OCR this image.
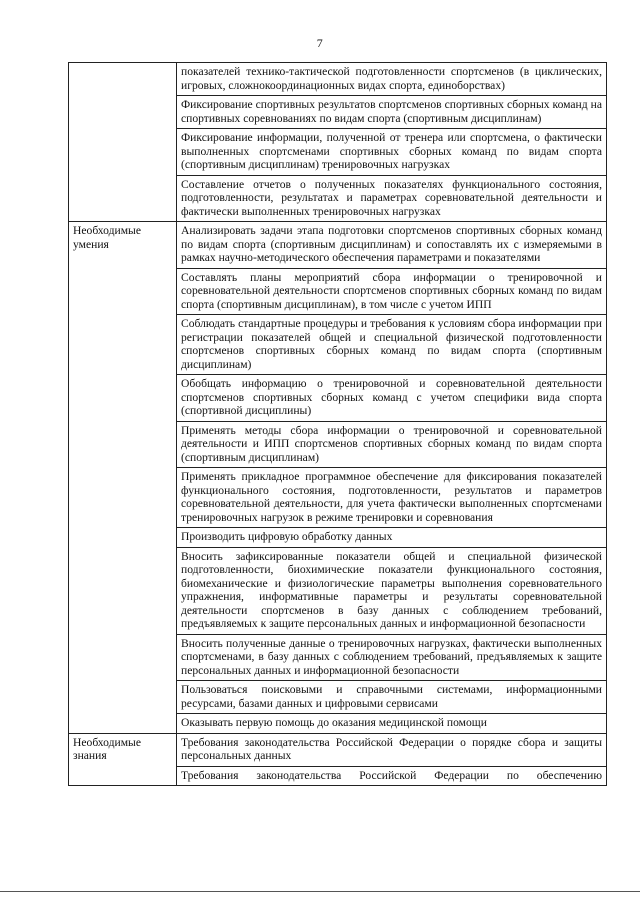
7
	показателей технико-тактической подготовленности спортсменов (в циклических, игровых, сложнокоординационных видах спорта, единоборствах)
	Фиксирование спортивных результатов спортсменов спортивных сборных команд на спортивных соревнованиях по видам спорта (спортивным дисциплинам)
	Фиксирование информации, полученной от тренера или спортсмена, о фактически выполненных спортсменами спортивных сборных команд по видам спорта (спортивным дисциплинам) тренировочных нагрузках
	Составление отчетов о полученных показателях функционального состояния, подготовленности, результатах и параметрах соревновательной деятельности и фактически выполненных тренировочных нагрузках
Необходимые умения	Анализировать задачи этапа подготовки спортсменов спортивных сборных команд по видам спорта (спортивным дисциплинам) и сопоставлять их с измеряемыми в рамках научно-методического обеспечения параметрами и показателями
	Составлять планы мероприятий сбора информации о тренировочной и соревновательной деятельности спортсменов спортивных сборных команд по видам спорта (спортивным дисциплинам), в том числе с учетом ИПП
	Соблюдать стандартные процедуры и требования к условиям сбора информации при регистрации показателей общей и специальной физической подготовленности спортсменов спортивных сборных команд по видам спорта (спортивным дисциплинам)
	Обобщать информацию о тренировочной и соревновательной деятельности спортсменов спортивных сборных команд с учетом специфики вида спорта (спортивной дисциплины)
	Применять методы сбора информации о тренировочной и соревновательной деятельности и ИПП спортсменов спортивных сборных команд по видам спорта (спортивным дисциплинам)
	Применять прикладное программное обеспечение для фиксирования показателей функционального состояния, подготовленности, результатов и параметров соревновательной деятельности, для учета фактически выполненных спортсменами тренировочных нагрузок в режиме тренировки и соревнования
	Производить цифровую обработку данных
	Вносить зафиксированные показатели общей и специальной физической подготовленности, биохимические показатели функционального состояния, биомеханические и физиологические параметры выполнения соревновательного упражнения, информативные параметры и результаты соревновательной деятельности спортсменов в базу данных с соблюдением требований, предъявляемых к защите персональных данных и информационной безопасности
	Вносить полученные данные о тренировочных нагрузках, фактически выполненных спортсменами, в базу данных с соблюдением требований, предъявляемых к защите персональных данных и информационной безопасности
	Пользоваться поисковыми и справочными системами, информационными ресурсами, базами данных и цифровыми сервисами
	Оказывать первую помощь до оказания медицинской помощи
Необходимые знания	Требования законодательства Российской Федерации о порядке сбора и защиты персональных данных

	Требования законодательства Российской Федерации по обеспечению
